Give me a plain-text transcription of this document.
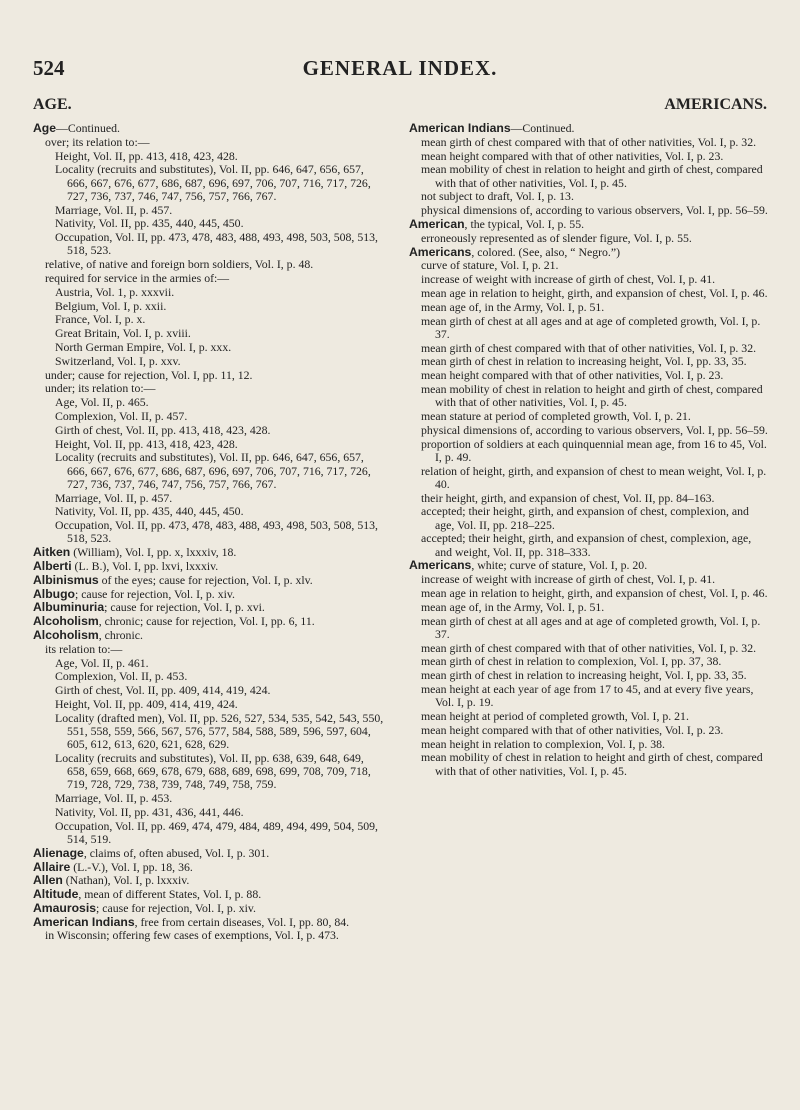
524	GENERAL INDEX.
AGE.	AMERICANS.

Age—Continued.

over; its relation to:—

Height, Vol. II, pp. 413, 418, 423, 428.

Locality (recruits and substitutes), Vol. II, pp. 646, 647, 656, 657, 666, 667, 676, 677, 686, 687, 696, 697, 706, 707, 716, 717, 726, 727, 736, 737, 746, 747, 756, 757, 766, 767.

Marriage, Vol. II, p. 457.

Nativity, Vol. II, pp. 435, 440, 445, 450.

Occupation, Vol. II, pp. 473, 478, 483, 488, 493, 498, 503, 508, 513, 518, 523.

relative, of native and foreign born soldiers, Vol. I, p. 48.

required for service in the armies of:—

Austria, Vol. 1, p. xxxvii.

Belgium, Vol. I, p. xxii.

France, Vol. I, p. x.

Great Britain, Vol. I, p. xviii.

North German Empire, Vol. I, p. xxx.

Switzerland, Vol. I, p. xxv.

under; cause for rejection, Vol. I, pp. 11, 12.

under; its relation to:—

Age, Vol. II, p. 465.

Complexion, Vol. II, p. 457.

Girth of chest, Vol. II, pp. 413, 418, 423, 428.

Height, Vol. II, pp. 413, 418, 423, 428.

Locality (recruits and substitutes), Vol. II, pp. 646, 647, 656, 657, 666, 667, 676, 677, 686, 687, 696, 697, 706, 707, 716, 717, 726, 727, 736, 737, 746, 747, 756, 757, 766, 767.

Marriage, Vol. II, p. 457.

Nativity, Vol. II, pp. 435, 440, 445, 450.

Occupation, Vol. II, pp. 473, 478, 483, 488, 493, 498, 503, 508, 513, 518, 523.

Aitken (William), Vol. I, pp. x, lxxxiv, 18.

Alberti (L. B.), Vol. I, pp. lxvi, lxxxiv.

Albinismus of the eyes; cause for rejection, Vol. I, p. xlv.

Albugo; cause for rejection, Vol. I, p. xiv.

Albuminuria; cause for rejection, Vol. I, p. xvi.

Alcoholism, chronic; cause for rejection, Vol. I, pp. 6, 11.

Alcoholism, chronic.

its relation to:—

Age, Vol. II, p. 461.

Complexion, Vol. II, p. 453.

Girth of chest, Vol. II, pp. 409, 414, 419, 424.

Height, Vol. II, pp. 409, 414, 419, 424.

Locality (drafted men), Vol. II, pp. 526, 527, 534, 535, 542, 543, 550, 551, 558, 559, 566, 567, 576, 577, 584, 588, 589, 596, 597, 604, 605, 612, 613, 620, 621, 628, 629.

Locality (recruits and substitutes), Vol. II, pp. 638, 639, 648, 649, 658, 659, 668, 669, 678, 679, 688, 689, 698, 699, 708, 709, 718, 719, 728, 729, 738, 739, 748, 749, 758, 759.

Marriage, Vol. II, p. 453.

Nativity, Vol. II, pp. 431, 436, 441, 446.

Occupation, Vol. II, pp. 469, 474, 479, 484, 489, 494, 499, 504, 509, 514, 519.

Alienage, claims of, often abused, Vol. I, p. 301.

Allaire (L.-V.), Vol. I, pp. 18, 36.

Allen (Nathan), Vol. I, p. lxxxiv.

Altitude, mean of different States, Vol. I, p. 88.

Amaurosis; cause for rejection, Vol. I, p. xiv.

American Indians, free from certain diseases, Vol. I, pp. 80, 84.

in Wisconsin; offering few cases of exemptions, Vol. I, p. 473.

American Indians—Continued.

mean girth of chest compared with that of other nativities, Vol. I, p. 32.

mean height compared with that of other nativities, Vol. I, p. 23.

mean mobility of chest in relation to height and girth of chest, compared with that of other nativities, Vol. I, p. 45.

not subject to draft, Vol. I, p. 13.

physical dimensions of, according to various observers, Vol. I, pp. 56–59.

American, the typical, Vol. I, p. 55.

erroneously represented as of slender figure, Vol. I, p. 55.

Americans, colored. (See, also, “ Negro.”)

curve of stature, Vol. I, p. 21.

increase of weight with increase of girth of chest, Vol. I, p. 41.

mean age in relation to height, girth, and expansion of chest, Vol. I, p. 46.

mean age of, in the Army, Vol. I, p. 51.

mean girth of chest at all ages and at age of completed growth, Vol. I, p. 37.

mean girth of chest compared with that of other nativities, Vol. I, p. 32.

mean girth of chest in relation to increasing height, Vol. I, pp. 33, 35.

mean height compared with that of other nativities, Vol. I, p. 23.

mean mobility of chest in relation to height and girth of chest, compared with that of other nativities, Vol. I, p. 45.

mean stature at period of completed growth, Vol. I, p. 21.

physical dimensions of, according to various observers, Vol. I, pp. 56–59.

proportion of soldiers at each quinquennial mean age, from 16 to 45, Vol. I, p. 49.

relation of height, girth, and expansion of chest to mean weight, Vol. I, p. 40.

their height, girth, and expansion of chest, Vol. II, pp. 84–163.

accepted; their height, girth, and expansion of chest, complexion, and age, Vol. II, pp. 218–225.

accepted; their height, girth, and expansion of chest, complexion, age, and weight, Vol. II, pp. 318–333.

Americans, white; curve of stature, Vol. I, p. 20.

increase of weight with increase of girth of chest, Vol. I, p. 41.

mean age in relation to height, girth, and expansion of chest, Vol. I, p. 46.

mean age of, in the Army, Vol. I, p. 51.

mean girth of chest at all ages and at age of completed growth, Vol. I, p. 37.

mean girth of chest compared with that of other nativities, Vol. I, p. 32.

mean girth of chest in relation to complexion, Vol. I, pp. 37, 38.

mean girth of chest in relation to increasing height, Vol. I, pp. 33, 35.

mean height at each year of age from 17 to 45, and at every five years, Vol. I, p. 19.

mean height at period of completed growth, Vol. I, p. 21.

mean height compared with that of other nativities, Vol. I, p. 23.

mean height in relation to complexion, Vol. I, p. 38.

mean mobility of chest in relation to height and girth of chest, compared with that of other nativities, Vol. I, p. 45.
